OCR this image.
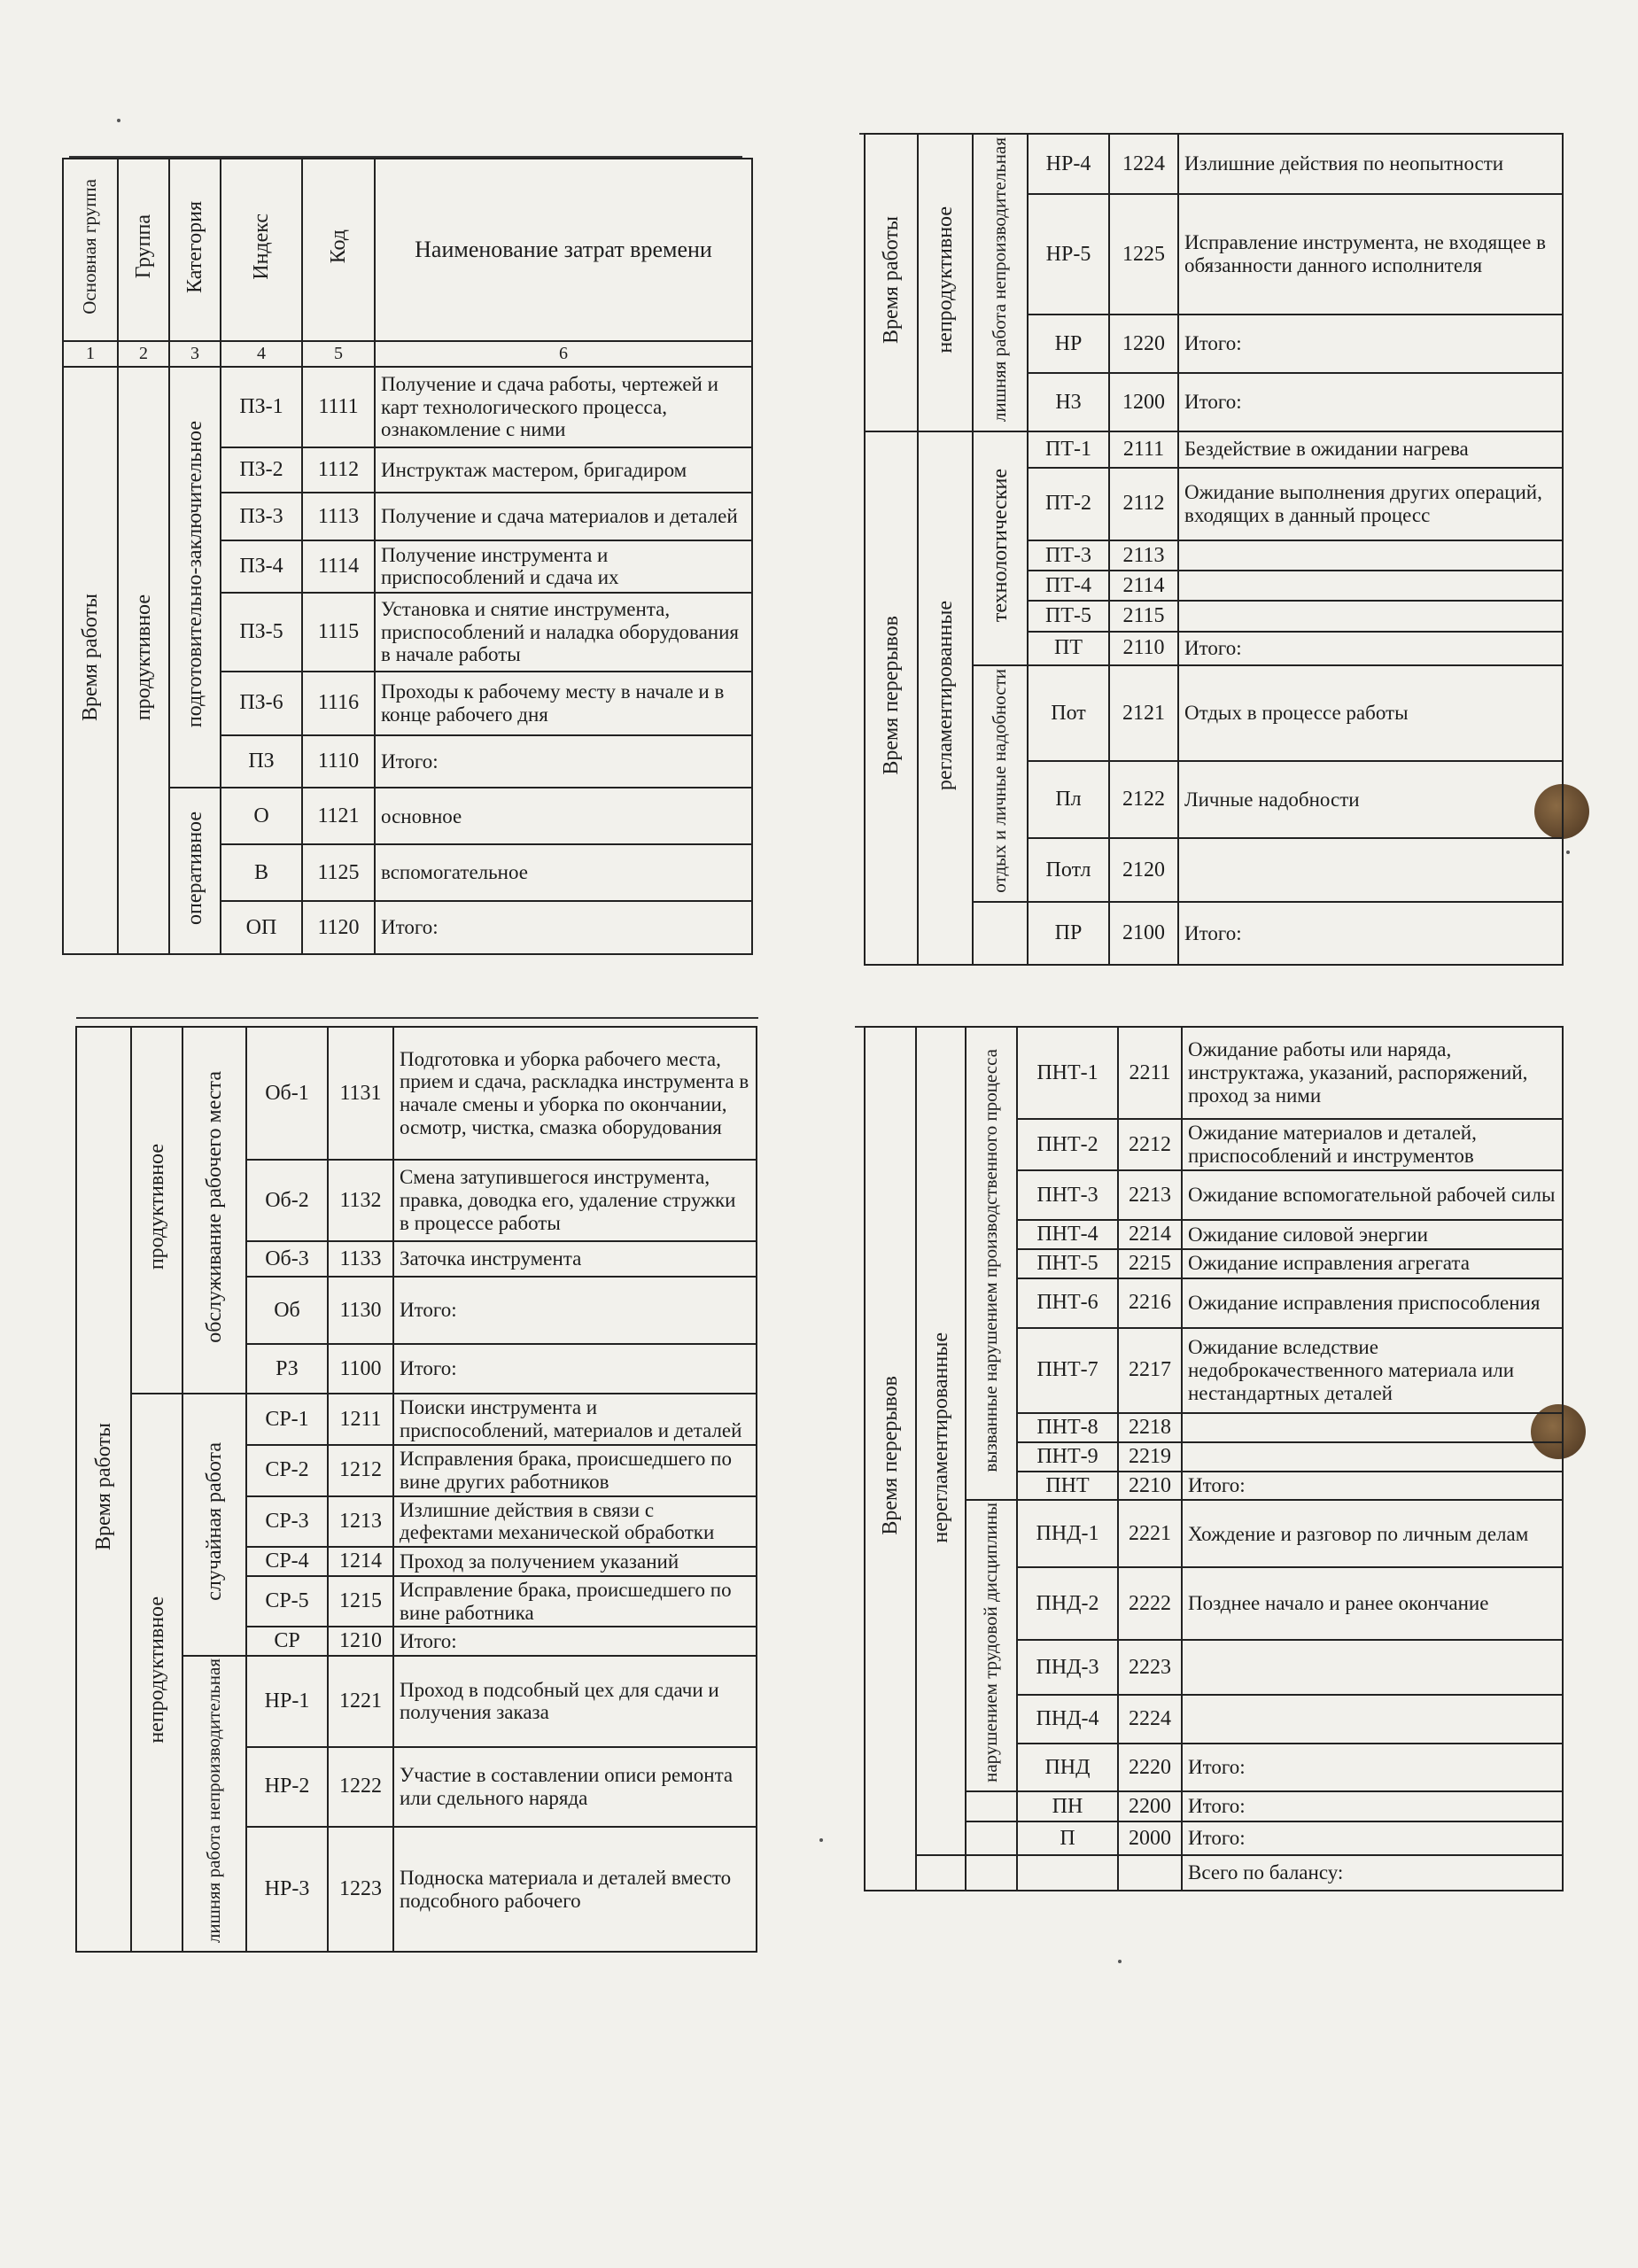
Основная группа	Группа	Категория	Индекс	Код	Наименование затрат времени
1	2	3	4	5	6
Время работы	продуктивное	подготовительно-заключительное	ПЗ-1	1111	Получение и сдача работы, чертежей и карт технологического процесса, ознакомление с ними
			ПЗ-2	1112	Инструктаж мастером, бригадиром
			ПЗ-3	1113	Получение и сдача материалов и деталей
			ПЗ-4	1114	Получение инструмента и приспособлений и сдача их
			ПЗ-5	1115	Установка и снятие инструмента, приспособлений и наладка оборудования в начале работы
			ПЗ-6	1116	Проходы к рабочему месту в начале и в конце рабочего дня
			ПЗ	1110	Итого:
		оперативное	О	1121	основное
			В	1125	вспомогательное
			ОП	1120	Итого:
Время работы	непродуктивное	лишняя работа непроизводительная	НР-4	1224	Излишние действия по неопытности
			НР-5	1225	Исправление инструмента, не входящее в обязанности данного исполнителя
			НР	1220	Итого:
			Н3	1200	Итого:
Время перерывов	регламентированные	технологические	ПТ-1	2111	Бездействие в ожидании нагрева
			ПТ-2	2112	Ожидание выполнения других операций, входящих в данный процесс
			ПТ-3	2113	
			ПТ-4	2114	
			ПТ-5	2115	
			ПТ	2110	Итого:
		отдых и личные надобности	Пот	2121	Отдых в процессе работы
			Пл	2122	Личные надобности
			Потл	2120	
			ПР	2100	Итого:
Время работы	продуктивное	обслуживание рабочего места	Об-1	1131	Подготовка и уборка рабочего места, прием и сдача, раскладка инструмента в начале смены и уборка по окончании, осмотр, чистка, смазка оборудования
			Об-2	1132	Смена затупившегося инструмента, правка, доводка его, удаление стружки в процессе работы
			Об-3	1133	Заточка инструмента
			Об	1130	Итого:
			РЗ	1100	Итого:
	непродуктивное	случайная работа	СР-1	1211	Поиски инструмента и приспособлений, материалов и деталей
			СР-2	1212	Исправления брака, происшедшего по вине других работников
			СР-3	1213	Излишние действия в связи с дефектами механической обработки
			СР-4	1214	Проход за получением указаний
			СР-5	1215	Исправление брака, происшедшего по вине работника
			СР	1210	Итого:
		лишняя работа непроизводительная	НР-1	1221	Проход в подсобный цех для сдачи и получения заказа
			НР-2	1222	Участие в составлении описи ремонта или сдельного наряда
			НР-3	1223	Подноска материала и деталей вместо подсобного рабочего
Время перерывов	нерегламентированные	вызванные нарушением производственного процесса	ПНТ-1	2211	Ожидание работы или наряда, инструктажа, указаний, распоряжений, проход за ними
			ПНТ-2	2212	Ожидание материалов и деталей, приспособлений и инструментов
			ПНТ-3	2213	Ожидание вспомогательной рабочей силы
			ПНТ-4	2214	Ожидание силовой энергии
			ПНТ-5	2215	Ожидание исправления агрегата
			ПНТ-6	2216	Ожидание исправления приспособления
			ПНТ-7	2217	Ожидание вследствие недоброкачественного материала или нестандартных деталей
			ПНТ-8	2218	
			ПНТ-9	2219	
			ПНТ	2210	Итого:
		нарушением трудовой дисциплины	ПНД-1	2221	Хождение и разговор по личным делам
			ПНД-2	2222	Позднее начало и ранее окончание
			ПНД-3	2223	
			ПНД-4	2224	
			ПНД	2220	Итого:
			ПН	2200	Итого:
			П	2000	Итого:
					Всего по балансу:
